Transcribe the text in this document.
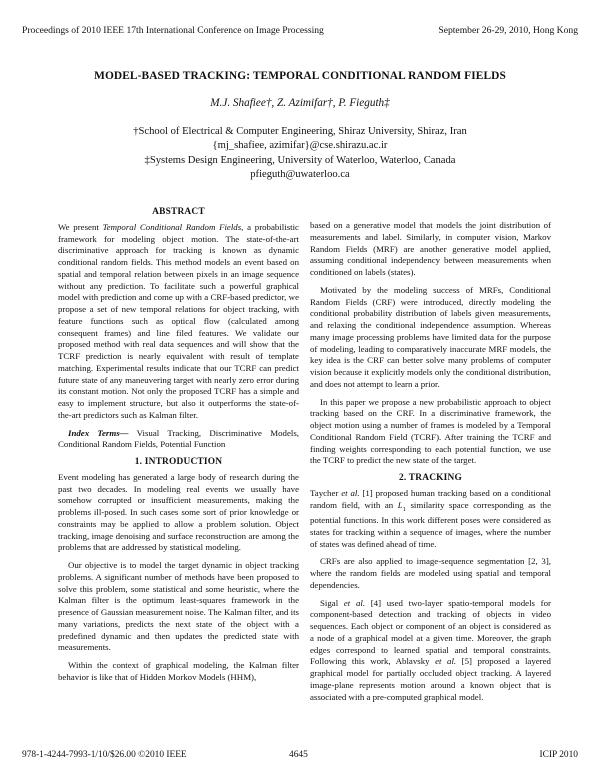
Proceedings of 2010 IEEE 17th International Conference on Image Processing	September 26-29, 2010, Hong Kong
MODEL-BASED TRACKING: TEMPORAL CONDITIONAL RANDOM FIELDS
M.J. Shafiee†, Z. Azimifar†, P. Fieguth‡
†School of Electrical & Computer Engineering, Shiraz University, Shiraz, Iran
{mj_shafiee, azimifar}@cse.shirazu.ac.ir
‡Systems Design Engineering, University of Waterloo, Waterloo, Canada
pfieguth@uwaterloo.ca
ABSTRACT

We present Temporal Conditional Random Fields, a probabilistic framework for modeling object motion. The state-of-the-art discriminative approach for tracking is known as dynamic conditional random fields. This method models an event based on spatial and temporal relation between pixels in an image sequence without any prediction. To facilitate such a powerful graphical model with prediction and come up with a CRF-based predictor, we propose a set of new temporal relations for object tracking, with feature functions such as optical flow (calculated among consequent frames) and line filed features. We validate our proposed method with real data sequences and will show that the TCRF prediction is nearly equivalent with result of template matching. Experimental results indicate that our TCRF can predict future state of any maneuvering target with nearly zero error during its constant motion. Not only the proposed TCRF has a simple and easy to implement structure, but also it outperforms the state-of-the-art predictors such as Kalman filter.

Index Terms— Visual Tracking, Discriminative Models, Conditional Random Fields, Potential Function

1. INTRODUCTION

Event modeling has generated a large body of research during the past two decades. In modeling real events we usually have somehow corrupted or insufficient measurements, making the problems ill-posed. In such cases some sort of prior knowledge or constraints may be applied to allow a problem solution. Object tracking, image denoising and surface reconstruction are among the problems that are addressed by statistical modeling.

Our objective is to model the target dynamic in object tracking problems. A significant number of methods have been proposed to solve this problem, some statistical and some heuristic, where the Kalman filter is the optimum least-squares framework in the presence of Gaussian measurement noise. The Kalman filter, and its many variations, predicts the next state of the object with a predefined dynamic and then updates the predicted state with measurements.

Within the context of graphical modeling, the Kalman filter behavior is like that of Hidden Morkov Models (HHM),

based on a generative model that models the joint distribution of measurements and label. Similarly, in computer vision, Markov Random Fields (MRF) are another generative model applied, assuming conditional independency between measurements when conditioned on labels (states).

Motivated by the modeling success of MRFs, Conditional Random Fields (CRF) were introduced, directly modeling the conditional probability distribution of labels given measurements, and relaxing the conditional independence assumption. Whereas many image processing problems have limited data for the purpose of modeling, leading to comparatively inaccurate MRF models, the key idea is the CRF can better solve many problems of computer vision because it explicitly models only the conditional distribution, and does not attempt to learn a prior.

In this paper we propose a new probabilistic approach to object tracking based on the CRF. In a discriminative framework, the object motion using a number of frames is modeled by a Temporal Conditional Random Field (TCRF). After training the TCRF and finding weights corresponding to each potential function, we use the TCRF to predict the new state of the target.

2. TRACKING

Taycher et al. [1] proposed human tracking based on a conditional random field, with an $L_1$ similarity space corresponding as the potential functions. In this work different poses were considered as states for tracking within a sequence of images, where the number of states was defined ahead of time.

CRFs are also applied to image-sequence segmentation [2, 3], where the random fields are modeled using spatial and temporal dependencies.

Sigal et al. [4] used two-layer spatio-temporal models for component-based detection and tracking of objects in video sequences. Each object or component of an object is considered as a node of a graphical model at a given time. Moreover, the graph edges correspond to learned spatial and temporal constraints. Following this work, Ablavsky et al. [5] proposed a layered graphical model for partially occluded object tracking. A layered image-plane represents motion around a known object that is associated with a pre-computed graphical model.

978-1-4244-7993-1/10/$26.00 ©2010 IEEE	4645	ICIP 2010
